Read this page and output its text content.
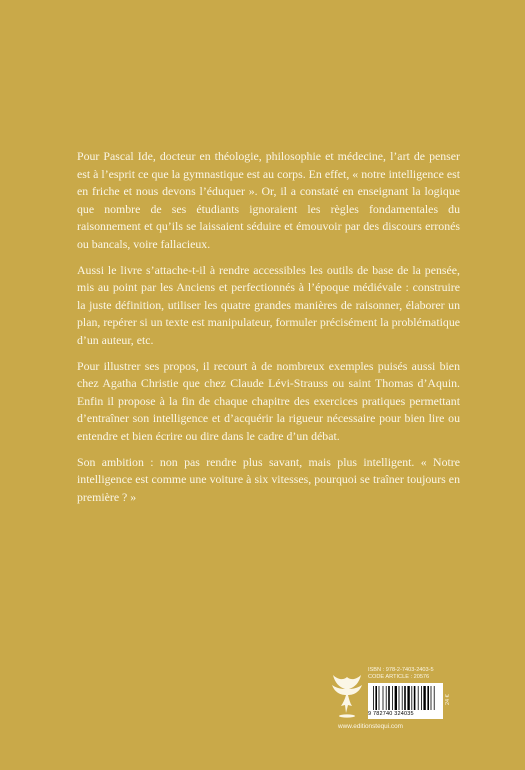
Pour Pascal Ide, docteur en théologie, philosophie et médecine, l’art de penser est à l’esprit ce que la gymnastique est au corps. En effet, « notre intelligence est en friche et nous devons l’éduquer ». Or, il a constaté en enseignant la logique que nombre de ses étudiants ignoraient les règles fondamentales du raisonnement et qu’ils se laissaient séduire et émouvoir par des discours erronés ou bancals, voire fallacieux.

Aussi le livre s’attache-t-il à rendre accessibles les outils de base de la pensée, mis au point par les Anciens et perfectionnés à l’époque médiévale : construire la juste définition, utiliser les quatre grandes manières de raisonner, élaborer un plan, repérer si un texte est manipulateur, formuler précisément la problématique d’un auteur, etc.

Pour illustrer ses propos, il recourt à de nombreux exemples puisés aussi bien chez Agatha Christie que chez Claude Lévi-Strauss ou saint Thomas d’Aquin. Enfin il propose à la fin de chaque chapitre des exercices pratiques permettant d’entraîner son intelligence et d’acquérir la rigueur nécessaire pour bien lire ou entendre et bien écrire ou dire dans le cadre d’un débat.

Son ambition : non pas rendre plus savant, mais plus intelligent. « Notre intelligence est comme une voiture à six vitesses, pourquoi se traîner toujours en première ? »

ISBN : 978-2-7403-2403-5
CODE ARTICLE : 20576
9 782740 324035
24 €
www.editionstequi.com
